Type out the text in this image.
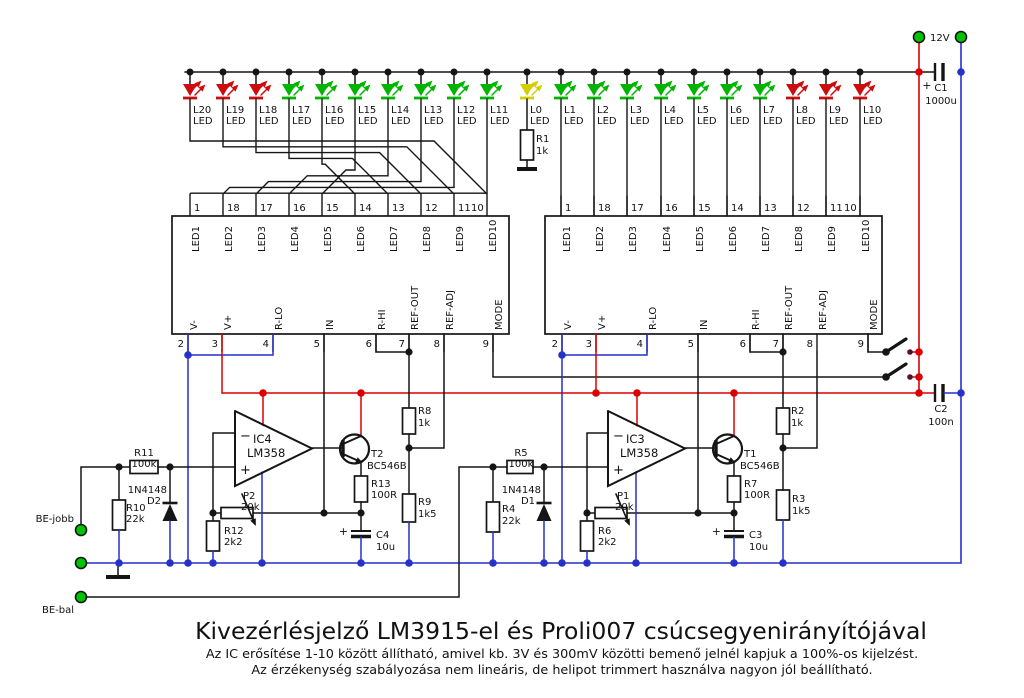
L20
LED
L19
LED
L18
LED
L17
LED
L16
LED
L15
LED
L14
LED
L13
LED
L12
LED
L11
LED
L0
LED
L1
LED
L2
LED
L3
LED
L4
LED
L5
LED
L6
LED
L7
LED
L8
LED
L9
LED
L10
LED
1
LED1
18
LED2
17
LED3
16
LED4
15
LED5
14
LED6
13
LED7
12
LED8
11
LED9
10
LED10
1
LED1
18
LED2
17
LED3
16
LED4
15
LED5
14
LED6
13
LED7
12
LED8
11
LED9
10
LED10
2
V-
3
V+
4
R-LO
5
IN
6
R-HI
7
REF-OUT
8
REF-ADJ
9
MODE
2
V-
3
V+
4
R-LO
5
IN
6
R-HI
7
REF-OUT
8
REF-ADJ
9
MODE
+
+
−
+
IC4
LM358
+
−
+
IC3
LM358
R11
100k
R10
22k
1N4148
D2	P2
20k
R12
2k2
T2
BC546B
R13
100R
C4
10u
R8
1k
R9
1k5
R5
100k
R4
22k
1N4148
D1	P1
20k
R6
2k2
T1
BC546B
R7
100R
C3
10u
R2
1k
R3
1k5
R1
1k
C1
1000u
C2
100n
12V
BE-jobb
BE-bal
Kivezérlésjelző LM3915-el és Proli007 csúcsegyenirányítójával
Az IC erősítése 1-10 között állítható, amivel kb. 3V és 300mV közötti bemenő jelnél kapjuk a 100%-os kijelzést.
Az érzékenység szabályozása nem lineáris, de helipot trimmert használva nagyon jól beállítható.
